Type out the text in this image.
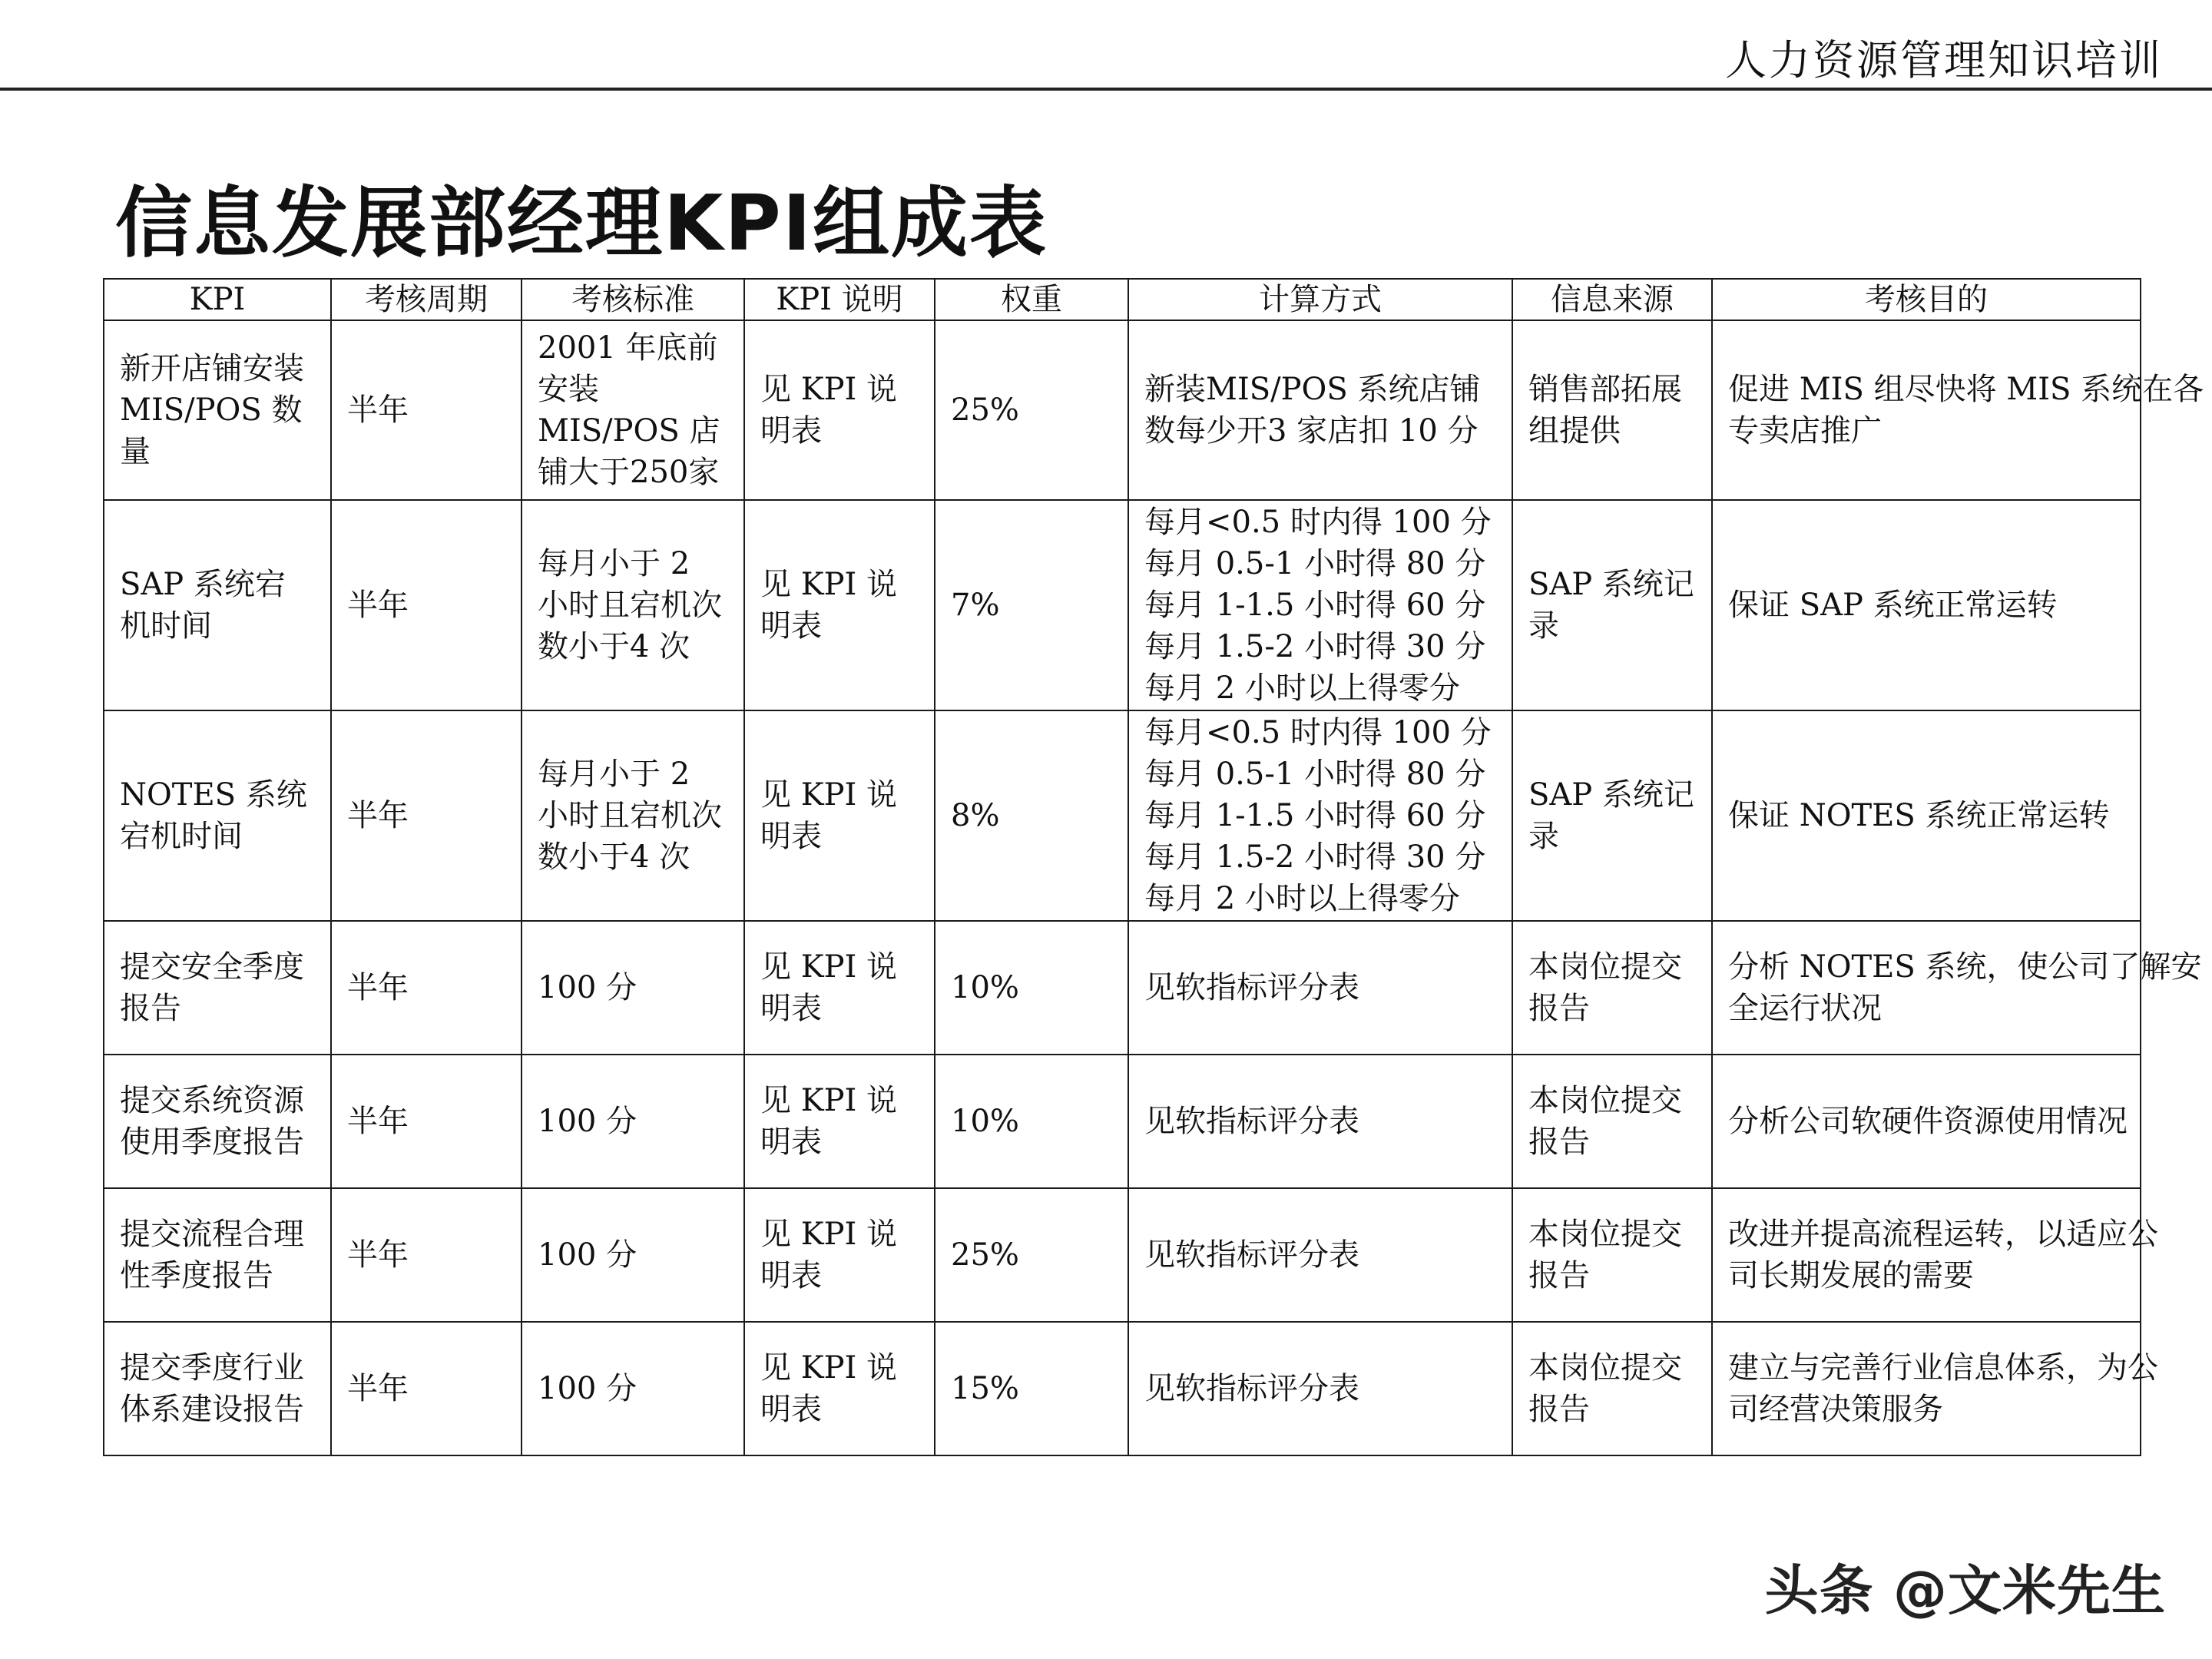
人力资源管理知识培训
信息发展部经理KPI组成表
KPI	考核周期	考核标准	KPI 说明	权重	计算方式	信息来源	考核目的
新开店铺安装MIS/POS 数量	半年	2001 年底前安装 MIS/POS 店铺大于250家	见 KPI 说明表	25%	新装MIS/POS 系统店铺数每少开3 家店扣 10 分	销售部拓展组提供	促进 MIS 组尽快将 MIS 系统在各
专卖店推广

SAP 系统宕机时间	半年	每月小于 2 小时且宕机次数小于4 次	见 KPI 说明表	7%	每月<0.5 时内得 100 分
每月 0.5-1 小时得 80 分
每月 1-1.5 小时得 60 分
每月 1.5-2 小时得 30 分
每月 2 小时以上得零分	SAP 系统记录	保证 SAP 系统正常运转

NOTES 系统宕机时间	半年	每月小于 2 小时且宕机次数小于4 次	见 KPI 说明表	8%	每月<0.5 时内得 100 分
每月 0.5-1 小时得 80 分
每月 1-1.5 小时得 60 分
每月 1.5-2 小时得 30 分
每月 2 小时以上得零分	SAP 系统记录	保证 NOTES 系统正常运转

提交安全季度报告	半年	100 分	见 KPI 说明表	10%	见软指标评分表	本岗位提交报告	分析 NOTES 系统，使公司了解安
全运行状况

提交系统资源使用季度报告	半年	100 分	见 KPI 说明表	10%	见软指标评分表	本岗位提交报告	分析公司软硬件资源使用情况

提交流程合理性季度报告	半年	100 分	见 KPI 说明表	25%	见软指标评分表	本岗位提交报告	改进并提高流程运转，以适应公
司长期发展的需要

提交季度行业体系建设报告	半年	100 分	见 KPI 说明表	15%	见软指标评分表	本岗位提交报告	建立与完善行业信息体系，为公
司经营决策服务
头条 @文米先生
